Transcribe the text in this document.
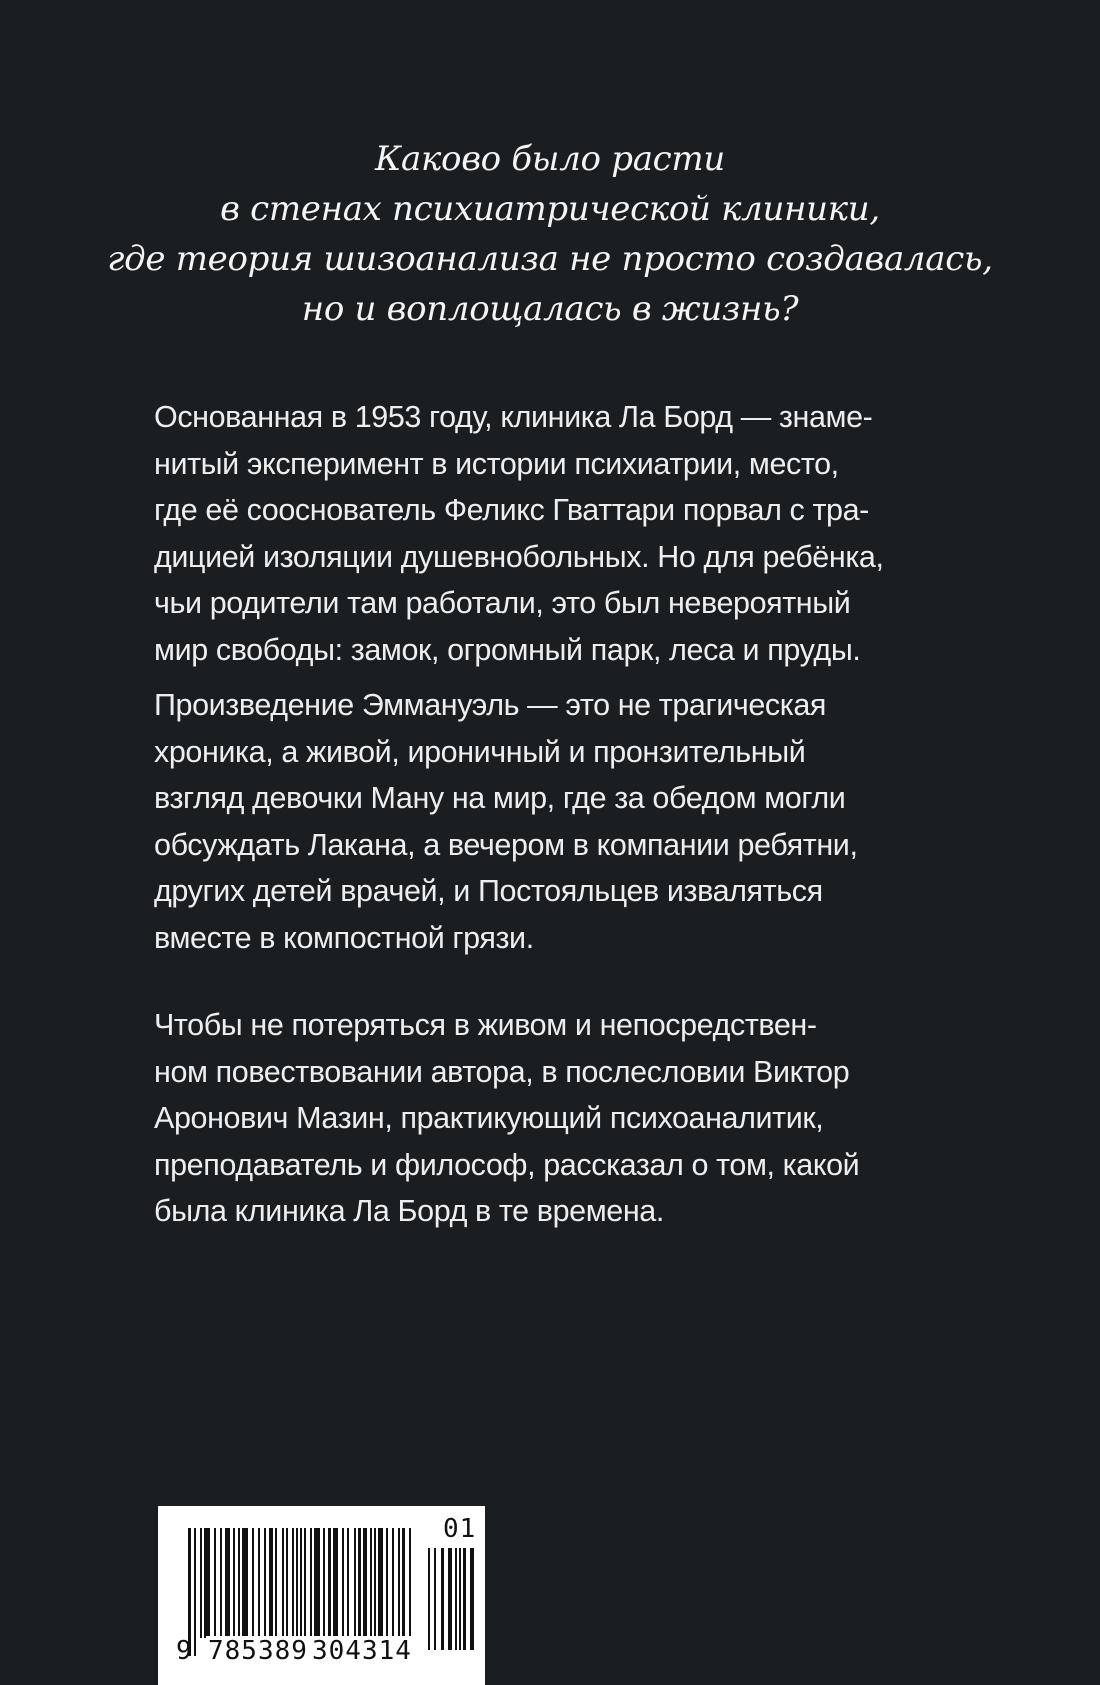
Каково было расти
в стенах психиатрической клиники,
где теория шизоанализа не просто создавалась,
но и воплощалась в жизнь?
Основанная в 1953 году, клиника Ла Борд — знаме-
нитый эксперимент в истории психиатрии, место,
где её сооснователь Феликс Гваттари порвал с тра-
дицией изоляции душевнобольных. Но для ребёнка,
чьи родители там работали, это был невероятный
мир свободы: замок, огромный парк, леса и пруды.
Произведение Эммануэль — это не трагическая
хроника, а живой, ироничный и пронзительный
взгляд девочки Ману на мир, где за обедом могли
обсуждать Лакана, а вечером в компании ребятни,
других детей врачей, и Постояльцев изваляться
вместе в компостной грязи.
Чтобы не потеряться в живом и непосредствен-
ном повествовании автора, в послесловии Виктор
Аронович Мазин, практикующий психоаналитик,
преподаватель и философ, рассказал о том, какой
была клиника Ла Борд в те времена.
9 785389 304314
01
